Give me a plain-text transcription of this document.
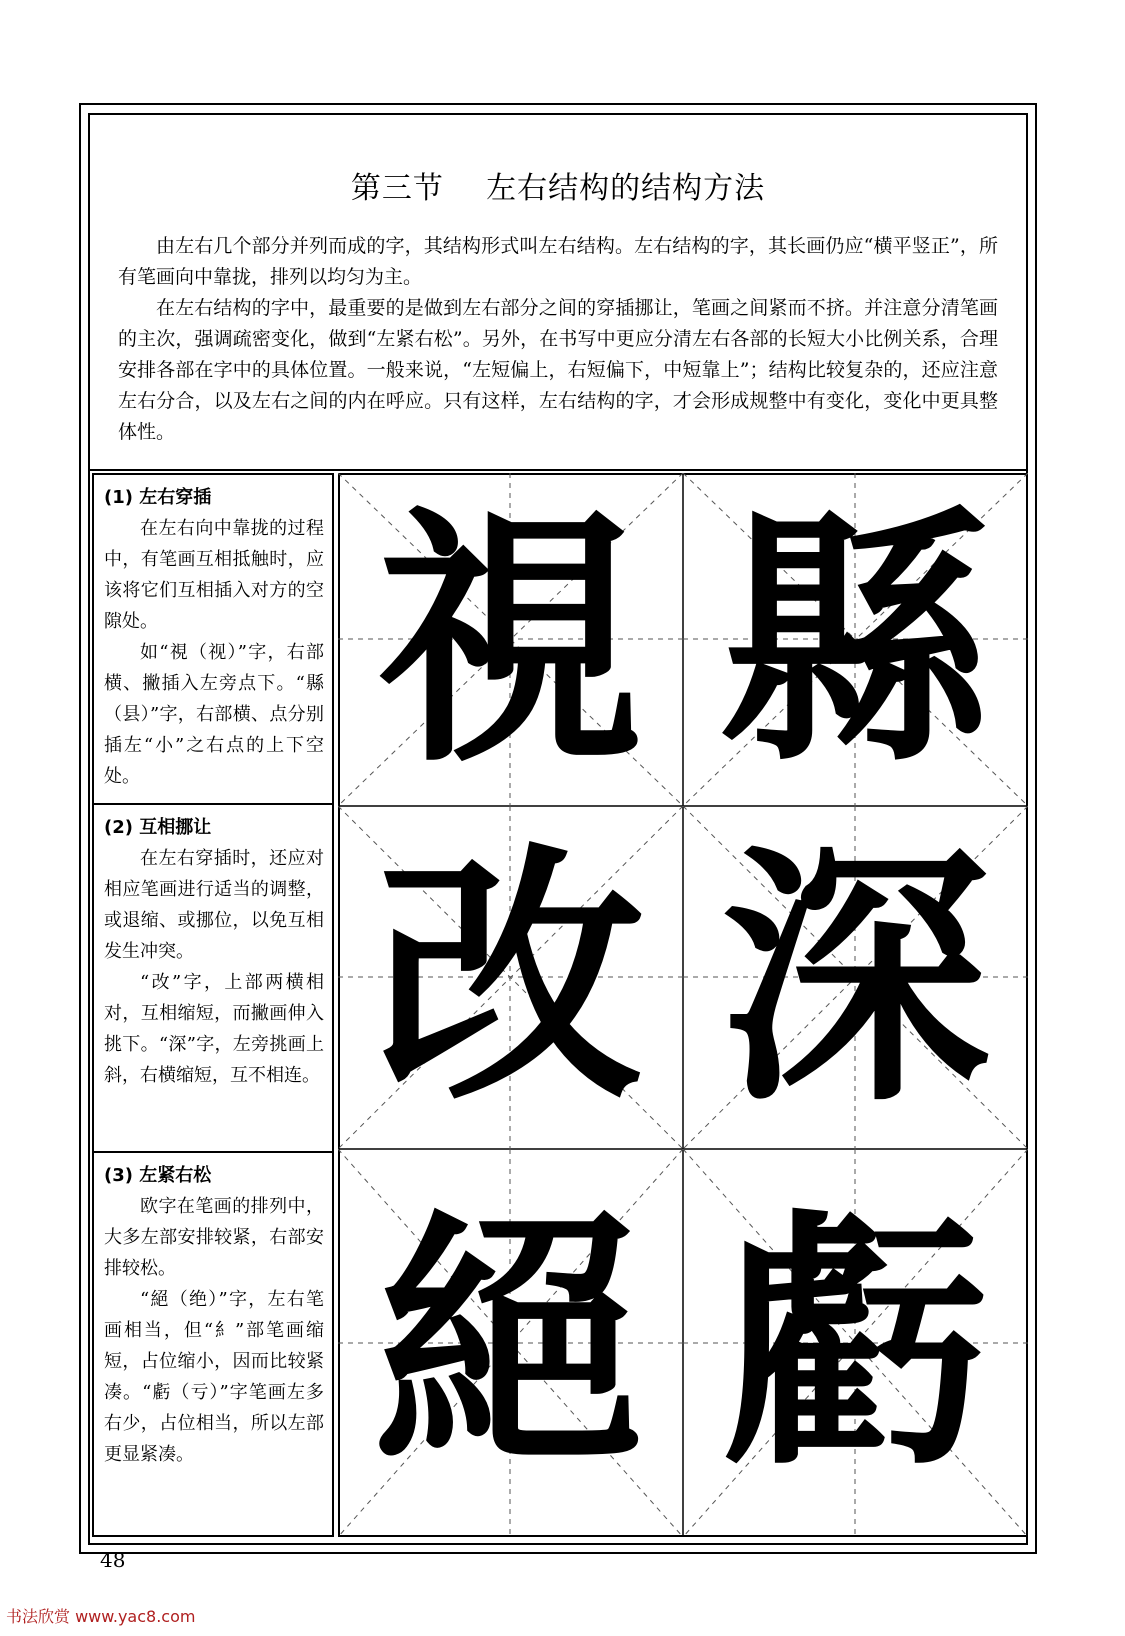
第三节    左右结构的结构方法

由左右几个部分并列而成的字，其结构形式叫左右结构。左右结构的字，其长画仍应“横平竖正”，所有笔画向中靠拢，排列以均匀为主。

在左右结构的字中，最重要的是做到左右部分之间的穿插挪让，笔画之间紧而不挤。并注意分清笔画的主次，强调疏密变化，做到“左紧右松”。另外，在书写中更应分清左右各部的长短大小比例关系，合理安排各部在字中的具体位置。一般来说，“左短偏上，右短偏下，中短靠上”；结构比较复杂的，还应注意左右分合，以及左右之间的内在呼应。只有这样，左右结构的字，才会形成规整中有变化，变化中更具整体性。

(1) 左右穿插

在左右向中靠拢的过程中，有笔画互相抵触时，应该将它们互相插入对方的空隙处。

如“視（视）”字，右部横、撇插入左旁点下。“縣（县）”字，右部横、点分别插左“小”之右点的上下空处。

(2) 互相挪让

在左右穿插时，还应对相应笔画进行适当的调整，或退缩、或挪位，以免互相发生冲突。

“改”字，上部两横相对，互相缩短，而撇画伸入挑下。“深”字，左旁挑画上斜，右横缩短，互不相连。

(3) 左紧右松

欧字在笔画的排列中，大多左部安排较紧，右部安排较松。

“絕（绝）”字，左右笔画相当，但“糹”部笔画缩短，占位缩小，因而比较紧凑。“虧（亏）”字笔画左多右少，占位相当，所以左部更显紧凑。

視 縣
改 深
絕 虧
48
书法欣赏 www.yac8.com
